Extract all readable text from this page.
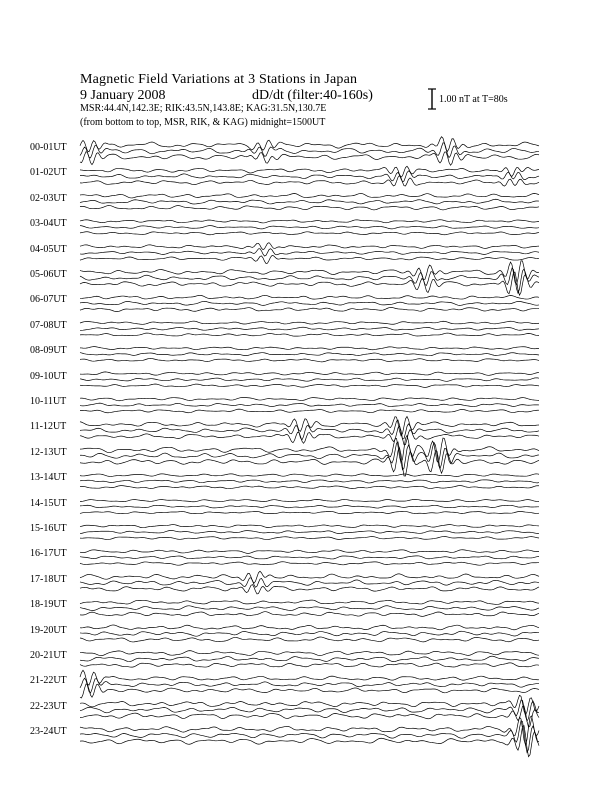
Magnetic Field Variations at 3 Stations in Japan
9 January 2008	dD/dt (filter:40-160s)
MSR:44.4N,142.3E; RIK:43.5N,143.8E; KAG:31.5N,130.7E
(from bottom to top, MSR, RIK, & KAG) midnight=1500UT
1.00 nT at T=80s
00-01UT
01-02UT
02-03UT
03-04UT
04-05UT
05-06UT
06-07UT
07-08UT
08-09UT
09-10UT
10-11UT
11-12UT
12-13UT
13-14UT
14-15UT
15-16UT
16-17UT
17-18UT
18-19UT
19-20UT
20-21UT
21-22UT
22-23UT
23-24UT
